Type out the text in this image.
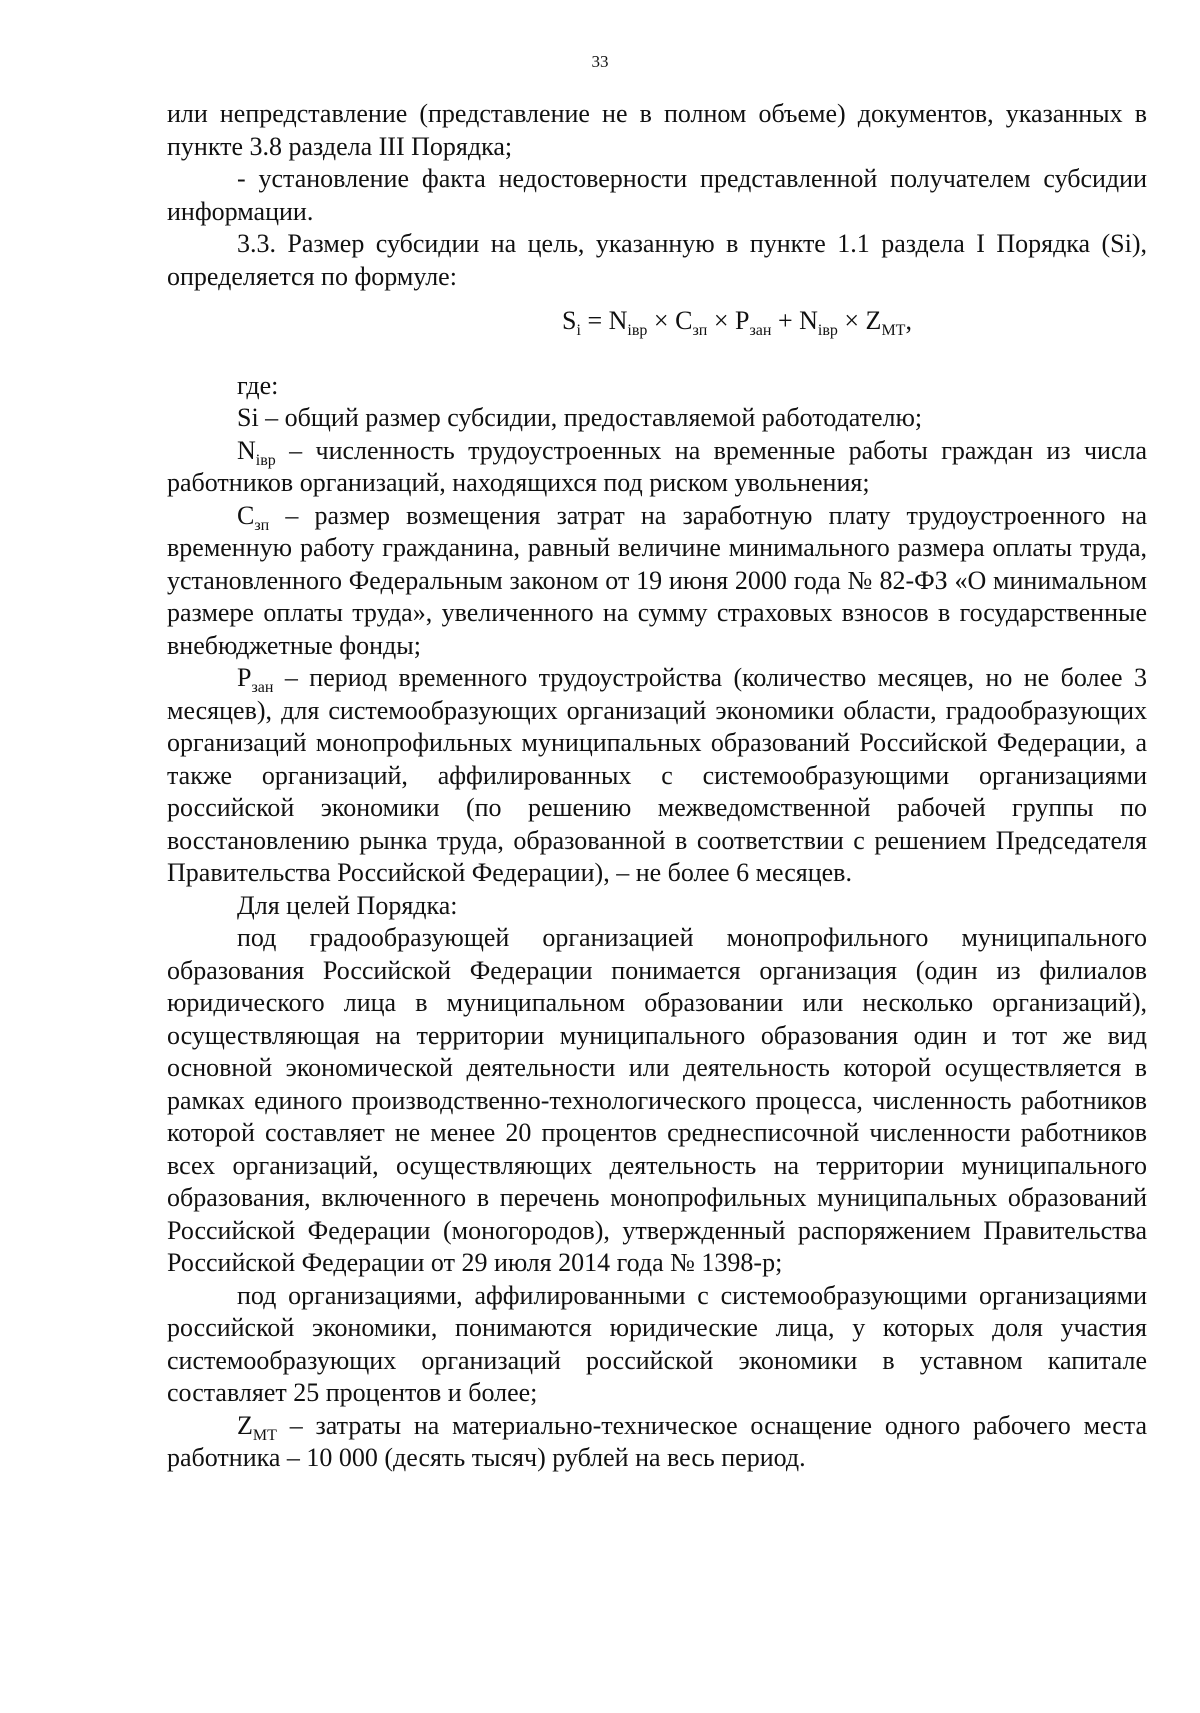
33

или непредставление (представление не в полном объеме) документов, указанных в пункте 3.8 раздела III Порядка;

- установление факта недостоверности представленной получателем субсидии информации.

3.3. Размер субсидии на цель, указанную в пункте 1.1 раздела I Порядка (Si), определяется по формуле:

$S_i = N_{івр} \times C_{зп} \times P_{зан} + N_{івр} \times Z_{МТ}$,

где:

Si – общий размер субсидии, предоставляемой работодателю;

$N_{івр}$ – численность трудоустроенных на временные работы граждан из числа работников организаций, находящихся под риском увольнения;

$C_{зп}$ – размер возмещения затрат на заработную плату трудоустроенного на временную работу гражданина, равный величине минимального размера оплаты труда, установленного Федеральным законом от 19 июня 2000 года № 82-ФЗ «О минимальном размере оплаты труда», увеличенного на сумму страховых взносов в государственные внебюджетные фонды;

$P_{зан}$ – период временного трудоустройства (количество месяцев, но не более 3 месяцев), для системообразующих организаций экономики области, градообразующих организаций монопрофильных муниципальных образований Российской Федерации, а также организаций, аффилированных с системообразующими организациями российской экономики (по решению межведомственной рабочей группы по восстановлению рынка труда, образованной в соответствии с решением Председателя Правительства Российской Федерации), – не более 6 месяцев.

Для целей Порядка:

под градообразующей организацией монопрофильного муниципального образования Российской Федерации понимается организация (один из филиалов юридического лица в муниципальном образовании или несколько организаций), осуществляющая на территории муниципального образования один и тот же вид основной экономической деятельности или деятельность которой осуществляется в рамках единого производственно-технологического процесса, численность работников которой составляет не менее 20 процентов среднесписочной численности работников всех организаций, осуществляющих деятельность на территории муниципального образования, включенного в перечень монопрофильных муниципальных образований Российской Федерации (моногородов), утвержденный распоряжением Правительства Российской Федерации от 29 июля 2014 года № 1398-р;

под организациями, аффилированными с системообразующими организациями российской экономики, понимаются юридические лица, у которых доля участия системообразующих организаций российской экономики в уставном капитале составляет 25 процентов и более;

$Z_{МТ}$ – затраты на материально-техническое оснащение одного рабочего места работника – 10 000 (десять тысяч) рублей на весь период.
